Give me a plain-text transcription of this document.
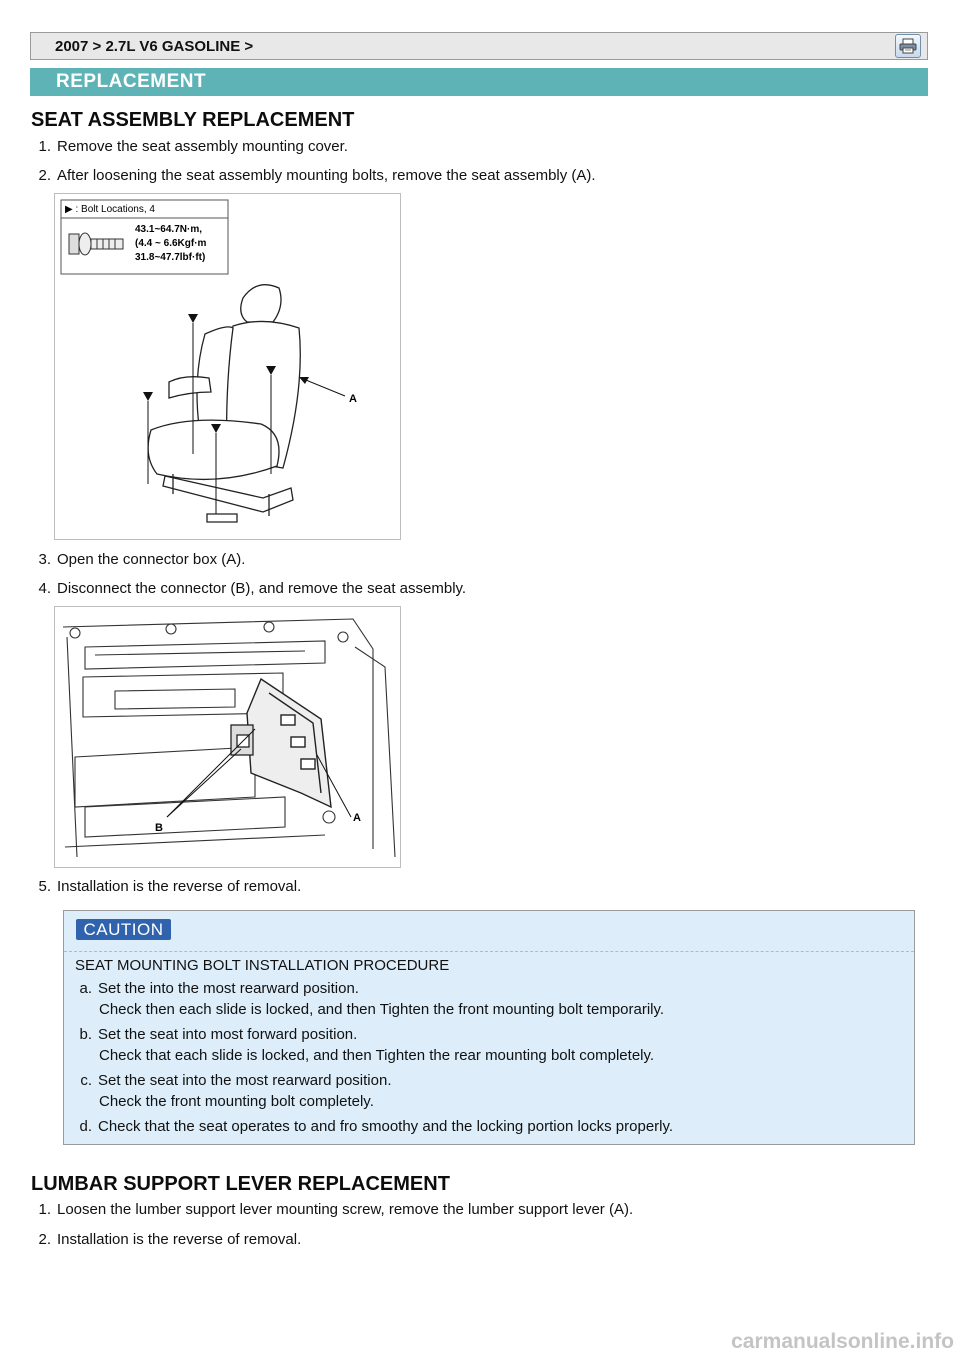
2007 > 2.7L V6 GASOLINE >
REPLACEMENT
SEAT ASSEMBLY REPLACEMENT
1. Remove the seat assembly mounting cover.
2. After loosening the seat assembly mounting bolts, remove the seat assembly (A).
▶ : Bolt Locations, 4
43.1~64.7N·m,
(4.4 ~ 6.6Kgf·m
31.8~47.7lbf·ft)
A
3. Open the connector box (A).
4. Disconnect the connector (B), and remove the seat assembly.
B
A
5. Installation is the reverse of removal.
CAUTION
SEAT MOUNTING BOLT INSTALLATION PROCEDURE
a. Set the into the most rearward position.
Check then each slide is locked, and then Tighten the front mounting bolt temporarily.
b. Set the seat into most forward position.
Check that each slide is locked, and then Tighten the rear mounting bolt completely.
c. Set the seat into the most rearward position.
Check the front mounting bolt completely.
d. Check that the seat operates to and fro smoothy and the locking portion locks properly.
LUMBAR SUPPORT LEVER REPLACEMENT
1. Loosen the lumber support lever mounting screw, remove the lumber support lever (A).
2. Installation is the reverse of removal.
carmanualsonline.info
